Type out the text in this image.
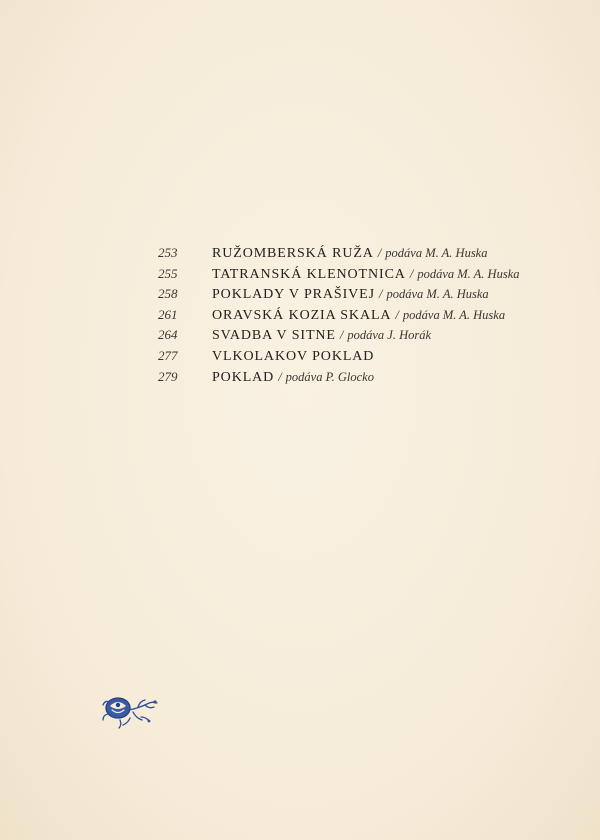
253	RUŽOMBERSKÁ RUŽA / podáva M. A. Huska
255	TATRANSKÁ KLENOTNICA / podáva M. A. Huska
258	POKLADY V PRAŠIVEJ / podáva M. A. Huska
261	ORAVSKÁ KOZIA SKALA / podáva M. A. Huska
264	SVADBA V SITNE / podáva J. Horák
277	VLKOLAKOV POKLAD
279	POKLAD / podáva P. Glocko
